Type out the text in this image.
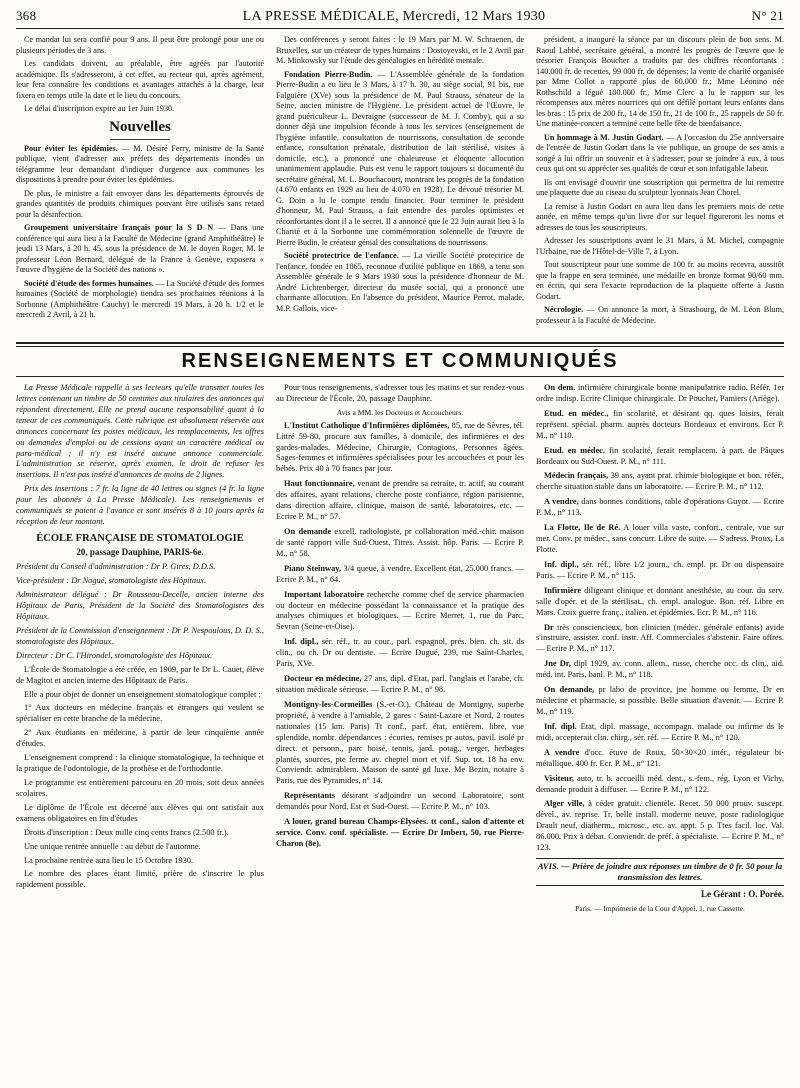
368	LA PRESSE MÉDICALE, Mercredi, 12 Mars 1930	N° 21

Ce mandat lui sera confié pour 9 ans. Il peut être prolongé pour une ou plusieurs périodes de 3 ans.

Les candidats doivent, au préalable, être agréés par l'autorité académique. Ils s'adresseront, à cet effet, au recteur qui, après agrément, leur fera connaître les conditions et avantages attachés à la charge, leur fixera en temps utile la date et le lieu du concours.

Le délai d'inscription expire au 1er Juin 1930.

Nouvelles

Pour éviter les épidémies. — M. Désiré Ferry, ministre de la Santé publique, vient d'adresser aux préfets des départements inondés un télégramme leur demandant d'indiquer d'urgence aux communes les dispositions à prendre pour éviter les épidémies.

De plus, le ministre a fait envoyer dans les départements éprouvés de grandes quantités de produits chimiques pouvant être utilisés sans retard pour la désinfection.

Groupement universitaire français pour la S D N — Dans une conférence qui aura lieu à la Faculté de Médecine (grand Amphithéâtre) le jeudi 13 Mars, à 20 h. 45, sous la présidence de M. le doyen Roger, M. le professeur Léon Bernard, délégué de la France à Genève, exposera « l'œuvre d'hygiène de la Société des nations ».

Société d'étude des formes humaines. — La Société d'étude des formes humaines (Société de morphologie) tiendra ses prochaines réunions à la Sorbonne (Amphithéâtre Cauchy) le mercredi 19 Mars, à 20 h. 1/2 et le mercredi 2 Avril, à 21 h.

Des conférences y seront faites : le 19 Mars par M. W. Schraenen, de Bruxelles, sur un créateur de types humains : Dostoyevski, et le 2 Avril par M. Minkowsky sur l'étude des généalogies en hérédité mentale.

Fondation Pierre-Budin. — L'Assemblée générale de la fondation Pierre-Budin a eu lieu le 3 Mars, à 17 h. 30, au siège social, 91 bis, rue Falguière (XVe) sous la présidence de M. Paul Strauss, sénateur de la Seine, ancien ministre de l'Hygiène. Le président actuel de l'Œuvre, le grand puériculteur L. Devraigne (successeur de M. J. Comby), qui a su donner déjà une impulsion féconde à tous les services (enseignement de l'hygiène infantile, consultation de nourrissons, consultation de seconde enfance, consultation prénatale, distribution de lait stérilisé, visites à domicile, etc.), a prononcé une chaleureuse et éloquente allocution unanimement applaudie. Puis est venu le rapport toujours si documenté du secrétaire général, M. L. Bouchacourt, montrant les progrès de la fondation (4.670 enfants en 1929 au lieu de 4.070 en 1928). Le dévoué trésorier M. G. Doin a lu le compte rendu financier. Pour terminer le président d'honneur, M. Paul Strauss, a fait entendre des paroles optimistes et réconfortantes dont il a le secret. Il a annoncé que le 22 Juin aurait lieu à la Charité et à la Sorbonne une commémoration solennelle de l'œuvre de Pierre Budin, le créateur génial des consultations de nourrissons.

Société protectrice de l'enfance. — La vieille Société protectrice de l'enfance, fondée en 1865, reconnue d'utilité publique en 1869, a tenu son Assemblée générale le 9 Mars 1930 sous la présidence d'honneur de M. André Lichtenberger, directeur du musée social, qui a prononcé une charmante allocution. En l'absence du président, Maurice Perrot, malade, M.P. Gallois, vice-

président, a inauguré la séance par un discours plein de bon sens. M. Raoul Labbé, secrétaire général, a montré les progrès de l'œuvre que le trésorier François Boucher a traduits par des chiffres réconfortants : 140.000 fr. de recettes, 99 000 fr. de dépenses; la vente de charité organisée par Mme Collot a rapporté plus de 60.000 fr.; Mme Léonino née Rothschild a légué 100.000 fr., Mme Clerc a lu le rapport sur les récompenses aux mères nourrices qui ont défilé portant leurs enfants dans les bras : 15 prix de 200 fr., 14 de 150 fr., 21 de 100 fr., 25 rappels de 50 fr. Une matinée-concert a terminé cette belle fête de bienfaisance.

Un hommage à M. Justin Godart. — A l'occasion du 25e anniversaire de l'entrée de Justin Godart dans la vie publique, un groupe de ses amis a songé à lui offrir un souvenir et à s'adresser, pour se joindre à eux, à tous ceux qui ont su apprécier ses qualités de cœur et son infatigable labeur.

Ils ont envisagé d'ouvrir une souscription qui permettra de lui remettre une plaquette due au ciseau du sculpteur lyonnais Jean Chorel.

La remise à Justin Godart en aura lieu dans les premiers mois de cette année, en même temps qu'un livre d'or sur lequel figureront les noms et adresses de tous les souscripteurs.

Adresser les souscriptions avant le 31 Mars, à M. Michel, compagnie l'Urbaine, rue de l'Hôtel-de-Ville 7, à Lyon.

Tout souscripteur pour une somme de 100 fr. au moins recevra, aussitôt que la frappe en sera terminée, une médaille en bronze format 90/60 mm. en écrin, qui sera l'exacte reproduction de la plaquette offerte à Justin Godart.

Nécrologie. — On annonce la mort, à Strasbourg, de M. Léon Blum, professeur à la Faculté de Médecine.

RENSEIGNEMENTS ET COMMUNIQUÉS

La Presse Médicale rappelle à ses lecteurs qu'elle transmet toutes les lettres contenant un timbre de 50 centimes aux titulaires des annonces qui répondent directement. Elle ne prend aucune responsabilité quant à la teneur de ces communiqués. Cette rubrique est absolument réservée aux annonces concernant les postes médicaux, les remplacements, les offres ou demandes d'emploi ou de cessions ayant un caractère médical ou para-médical ; il n'y est inséré aucune annonce commerciale. L'administration se réserve, après examen, le droit de refuser les insertions. Il n'est pas inséré d'annonces de moins de 2 lignes.

Prix des insertions : 7 fr. la ligne de 40 lettres ou signes (4 fr. la ligne pour les abonnés à La Presse Médicale). Les renseignements et communiqués se paient à l'avance et sont insérés 8 à 10 jours après la réception de leur montant.

ÉCOLE FRANÇAISE DE STOMATOLOGIE
20, passage Dauphine, PARIS-6e.

Président du Conseil d'administration : Dr P. Gires, D.D.S.

Vice-président : Dr Nogué, stomatologiste des Hôpitaux.

Administrateur délégué : Dr Rousseau-Decelle, ancien interne des Hôpitaux de Paris, Président de la Société des Stomatologistes des Hôpitaux.

Président de la Commission d'enseignement : Dr P. Nespoulous, D. D. S., stomatologiste des Hôpitaux.

Directeur : Dr C. l'Hirondel, stomatologiste des Hôpitaux.

L'École de Stomatologie a été créée, en 1909, par le Dr L. Cauet, élève de Magitot et ancien interne des Hôpitaux de Paris.

Elle a pour objet de donner un enseignement stomatologique complet :

1° Aux docteurs en médecine français et étrangers qui veulent se spécialiser en cette branche de la médecine.

2° Aux étudiants en médecine, à partir de leur cinquième année d'études.

L'enseignement comprend : la clinique stomatologique, la technique et la pratique de l'odontologie, de la prothèse et de l'orthodontie.

Le programme est entièrement parcouru en 20 mois, soit deux années scolaires.

Le diplôme de l'École est décerné aux élèves qui ont satisfait aux examens obligatoires en fin d'études

Droits d'inscription : Deux mille cinq cents francs (2.500 fr.).

Une unique rentrée annuelle : au début de l'automne.

La prochaine rentrée aura lieu le 15 Octobre 1930.

Le nombre des places étant limité, prière de s'inscrire le plus rapidement possible.

Pour tous renseignements, s'adresser tous les matins et sur rendez-vous au Directeur de l'École, 20, passage Dauphine.

Avis a MM. les Docteurs et Accoucheurs.

L'Institut Catholique d'Infirmières diplômées, 85, rue de Sèvres, tél. Littré 59-80, procure aux familles, à domicile, des infirmières et des gardes-malades. Médecine, Chirurgie, Contagions, Personnes âgées. Sages-femmes et infirmières spécialisées pour les accouchées et pour les bébés. Prix 40 à 70 francs par jour.

Haut fonctionnaire, venant de prendre sa retraite, tr. actif, au courant des affaires, ayant relations, cherche poste confiance, région parisienne, dans direction affaire, clinique, maison de santé, laboratoires, etc. — Ecrire P. M., n° 57.

On demande excell. radiologiste, pr collaboration méd.-chir. maison de santé rapport ville Sud-Ouest. Titres. Assist. hôp. Paris. — Ecrire P. M., n° 58.

Piano Steinway, 3/4 queue, à vendre. Excellent état, 25.000 francs. — Ecrire P. M., n° 64.

Important laboratoire recherche comme chef de service pharmacien ou docteur en médecine possédant la connaissance et la pratique des analyses chimiques et biologiques. — Ecrire Merret, 1, rue du Parc, Sevran (Seine-et-Oise).

Inf. dipl., sér. réf., tr. au cour., parl. espagnol, prés. bien. ch. sit. ds clin., ou ch. Dr ou dentiste. — Ecrire Dugué, 239, rue Saint-Charles, Paris, XVe.

Docteur en médecine, 27 ans, dipl. d'Etat, parl. l'anglais et l'arabe, ch. situation médicale sérieuse. — Ecrire P. M., n° 98.

Montigny-les-Cormeilles (S.-et-O.). Château de Montigny, superbe propriété, à vendre à l'amiable, 2 gares : Saint-Lazare et Nord, 2 routes nationales (15 km. Paris) Tt conf., parf. état, entièrem. libre, vue splendide, nombr. dépendances : écuries, remises pr autos, pavil. isolé pr direct. et personn., parc boisé, tennis, jard. potag., verger, herbages plantés, sources, pte ferme av. cheptel mort et vif. Sup. tot. 18 ha env. Conviendr. admirablem. Maison de santé gd luxe. Me Bezin, notaire à Paris, rue des Pyramides, n° 14.

Représentants désirant s'adjoindre un second Laboratoire, sont demandés pour Nord, Est et Sud-Ouest. — Ecrire P. M., n° 103.

A louer, grand bureau Champs-Elysées. tt conf., salon d'attente et service. Conv. conf. spécialiste. — Ecrire Dr Imbert, 50, rue Pierre-Charon (8e).

On dem. infirmière chirurgicale bonne manipulatrice radio. Référ. 1er ordre indisp. Ecrire Clinique chirurgicale. Dr Pouchet, Pamiers (Ariège).

Etud. en médec., fin scolarité, et désirant qq. ques loisirs, ferait représent. spécial. pharm. auprès docteurs Bordeaux et environs. Ecr P. M., n° 110.

Etud. en médec. fin scolarité, ferait remplacem. à part. de Pâques Bordeaux ou Sud-Ouest. P. M., n° 111.

Médecin français, 39 ans, ayant prat. chimie biologique et bon. référ., cherche situation stable dans un laboratoire. — Ecrire P. M., n° 112.

A vendre, dans bonnes conditions, table d'opérations Guyot. — Ecrire P. M., n° 113.

La Flotte, Ile de Ré. A louer villa vaste, confort., centrale, vue sur mer. Conv. pr médec., sans concurr. Libre de suite. — S'adress. Proux, La Flotte.

Inf. dipl., sér. réf., libre 1/2 journ., ch. empl. pr. Dr ou dispensaire Paris. — Ecrire P. M., n° 115.

Infirmière diligeant clinique et donnant anesthésie, au cour. du serv. salle d'opér. et de la stérilisat., ch. empl. analogue. Bon. réf. Libre en Mars. Croix guerre franç., italien. et épidémies. Ecr. P. M., n° 116.

Dr très consciencieux, bon clinicien (médec. générale enfants) avide s'instruire, assister. conf. instr. Aff. Commerciales s'abstenir. Faire offres. — Ecrire P. M., n° 117.

Jne Dr, dipl 1929, av. conn. allem., russe, cherche occ. ds clin., aid. méd. int. Paris, banl. P. M., n° 118.

On demande, pr labo de province, jne homme ou femme, Dr en médecine et pharmacie, si possible. Belle situation d'avenir. — Ecrire P. M., n° 119.

Inf. dipl. Etat, dipl. massage, accompagn. malade ou infirme ds le midi, accepterait clin. chirg., sér. réf. — Ecrire P. M., n° 120.

A vendre d'occ. étuve de Roux, 50×30×20 intér., régulateur bi-métallique. 400 fr. Ecr. P. M., n° 121.

Visiteur, auto, tr. b. accueilli méd. dent., s.-fem., rég. Lyon et Vichy, demande produit à diffuser. — Ecrire P. M., n° 122.

Alger ville, à céder gratuit. clientèle. Recet. 50 000 prouv. suscept. dével., av. reprise. Tr. belle install. moderne neuve, poste radiologique Drault neuf, diatherm., microsc., etc. av. appt. 5 p. Ttes facil. loc. Val. 86.000. Prix à débat. Conviendr. de préf. à spécialiste. — Ecrire P. M., n° 123.

AVIS. — Prière de joindre aux réponses un timbre de 0 fr. 50 pour la transmission des lettres.
Le Gérant : O. Porée.
Paris. — Imprimerie de la Cour d'Appel, 1, rue Cassette.
